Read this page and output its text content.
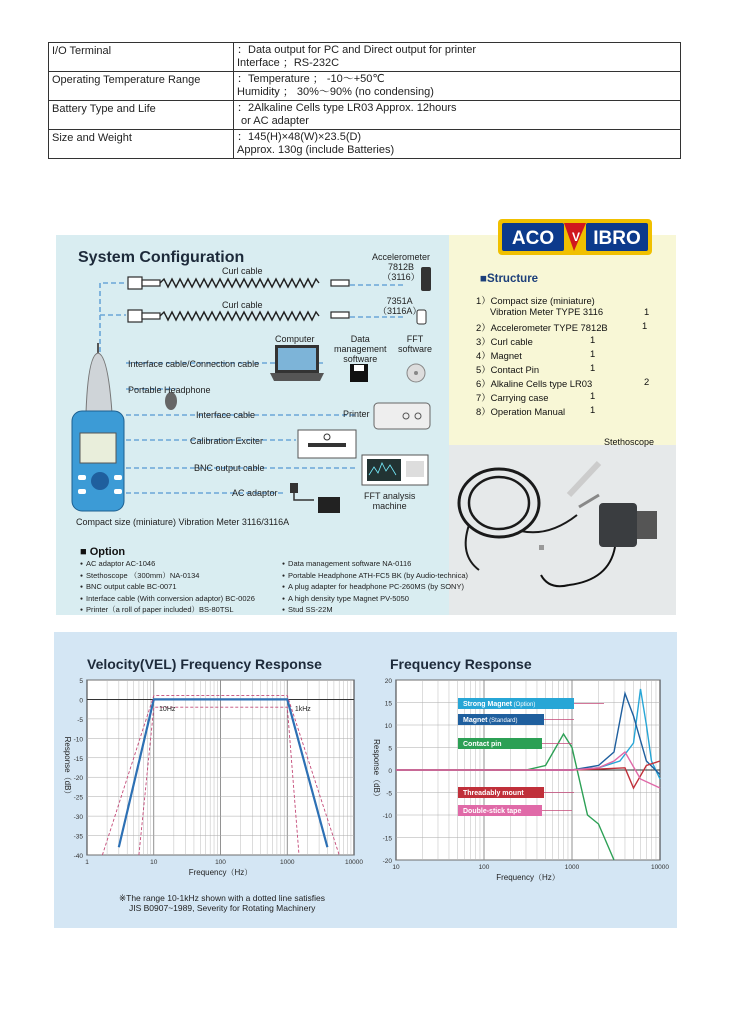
I/O Terminal	：Data output for PC and Direct output for printer
Interface ；RS-232C

Operating Temperature Range	：Temperature ； -10～+50℃
Humidity ； 30%～90% (no condensing)

Battery Type and Life	：2Alkaline Cells type LR03 Approx. 12hours
or AC adapter

Size and Weight	：145(H)×48(W)×23.5(D)
Approx. 130g (include Batteries)
System Configuration
ACO V IBRO
Accelerometer
7812B
（3116）
7351A
（3116A）
Curl cable
Curl cable
Computer	Data
management
software
FFT
software
Interface cable/Connection cable
Portable Headphone
Interface cable	Printer
Calibration Exciter
BNC output cable
AC adaptor	FFT analysis
machine
Compact size (miniature) Vibration Meter 3116/3116A
■ Option
● AC adaptor AC-1046
● Stethoscope （300mm）NA-0134
● BNC output cable BC-0071
● Interface cable (With conversion adaptor) BC-0026
● Printer（a roll of paper included）BS-80TSL
● Data management software NA-0116
● Portable Headphone ATH-FC5 BK (by Audio-technica)
● A plug adapter for headphone PC-260MS (by SONY)
● A high density type Magnet PV-5050
● Stud SS-22M
■Structure
1）Compact size (miniature)
Vibration Meter TYPE 3116	1
2）Accelerometer TYPE 7812B	1
3）Curl cable	1
4）Magnet	1
5）Contact Pin	1
6）Alkaline Cells type LR03	2
7）Carrying case	1
8）Operation Manual	1
Stethoscope
Velocity(VEL) Frequency Response	Frequency Response
5
0
-5
-10
-15
-20
-25
-30
-35
-40
1	10	100	1000	10000
Frequency（Hz）
Response（dB）
10Hz	1kHz
20
15
10
5
0
-5
-10
-15
-20
10	100	1000	10000
Frequency（Hz）
Response（dB）
Strong Magnet (Option)
Magnet (Standard)
Contact pin
Threadably mount
Double-stick tape
※The range 10-1kHz shown with a dotted line satisfies
JIS B0907~1989, Severity for Rotating Machinery
